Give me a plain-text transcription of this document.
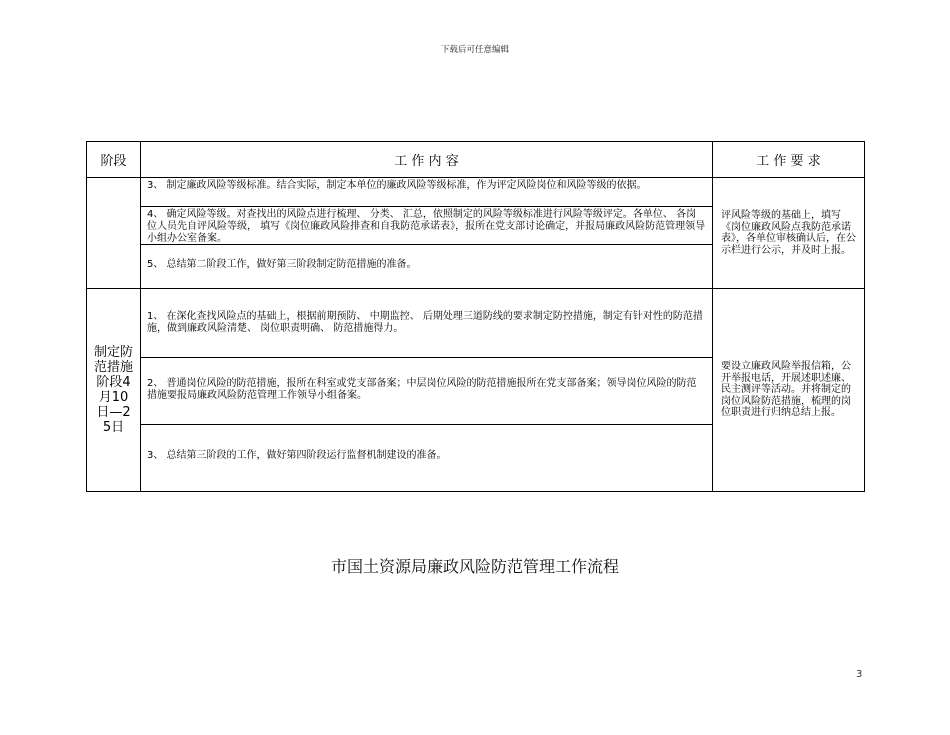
下载后可任意编辑
阶段	工 作 内 容	工 作 要 求

	3、 制定廉政风险等级标准。结合实际，制定本单位的廉政风险等级标准，作为评定风险岗位和风险等级的依据。
4、 确定风险等级。对查找出的风险点进行梳理、 分类、 汇总，依照制定的风险等级标准进行风险等级评定。各单位、 各岗位人员先自评风险等级， 填写《岗位廉政风险排查和自我防范承诺表》，报所在党支部讨论确定，并报局廉政风险防范管理领导小组办公室备案。
5、 总结第二阶段工作，做好第三阶段制定防范措施的准备。	评风险等级的基础上，填写《岗位廉政风险点我防范承诺表》，各单位审核确认后，在公示栏进行公示，并及时上报。
制定防范措施阶段4月10日—25日	1、 在深化查找风险点的基础上，根据前期预防、 中期监控、 后期处理三道防线的要求制定防控措施，制定有针对性的防范措施，做到廉政风险清楚、 岗位职责明确、 防范措施得力。
2、 普通岗位风险的防范措施，报所在科室或党支部备案；中层岗位风险的防范措施报所在党支部备案；领导岗位风险的防范措施要报局廉政风险防范管理工作领导小组备案。
3、 总结第三阶段的工作，做好第四阶段运行监督机制建设的准备。	要设立廉政风险举报信箱，公开举报电话，开展述职述廉、 民主测评等活动。并将制定的岗位风险防范措施，梳理的岗位职责进行归纳总结上报。
市国土资源局廉政风险防范管理工作流程
3
